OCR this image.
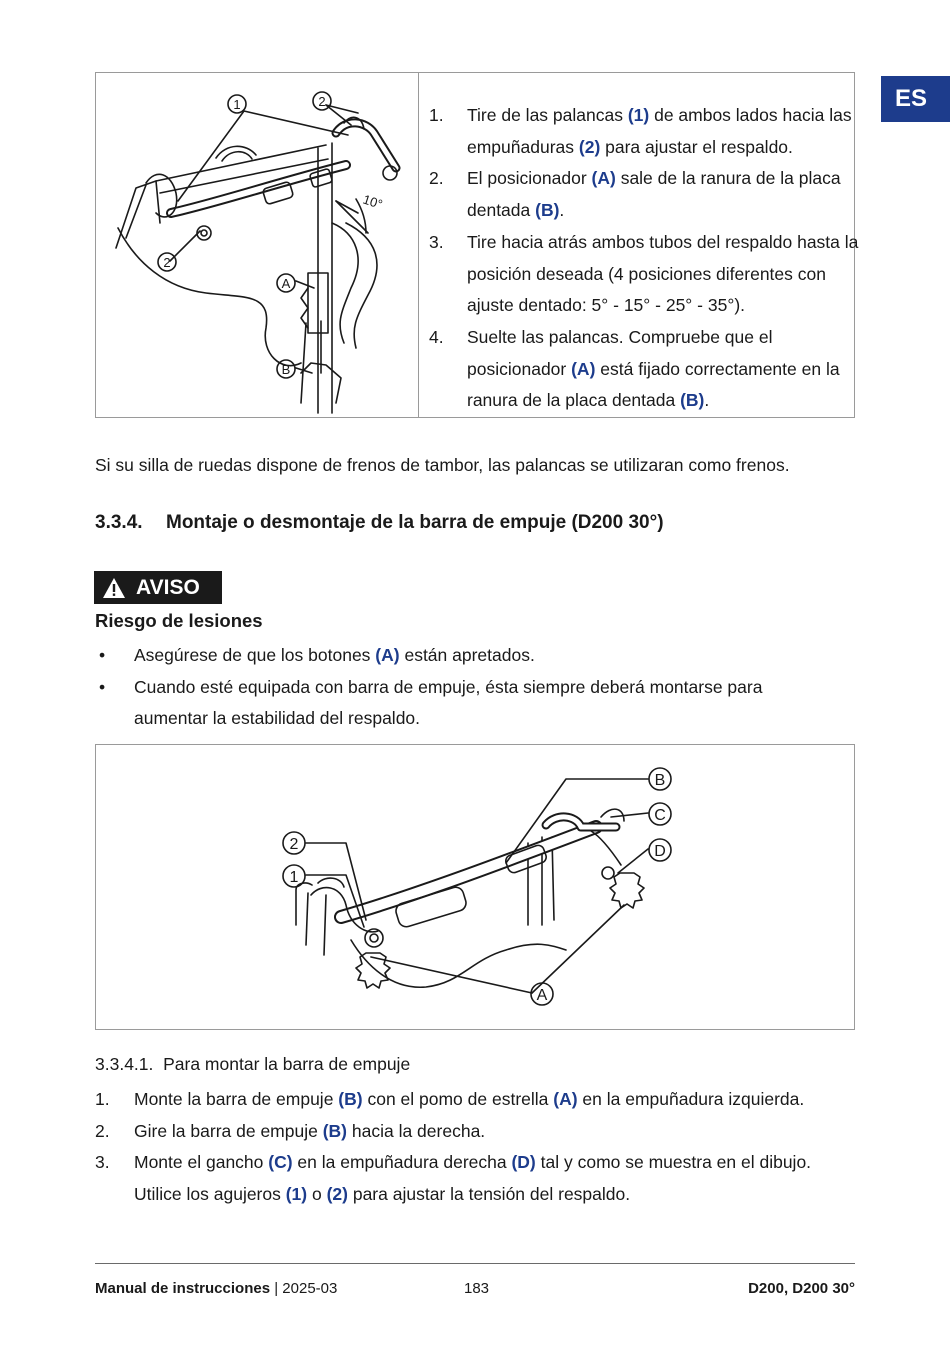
ES
1	2
2
A
B
10°
1. Tire de las palancas (1) de ambos lados hacia las empuñaduras (2) para ajustar el respaldo.
2. El posicionador (A) sale de la ranura de la placa dentada (B).
3. Tire hacia atrás ambos tubos del respaldo hasta la posición deseada (4 posiciones diferentes con ajuste dentado: 5° - 15° - 25° - 35°).
4. Suelte las palancas. Compruebe que el posicionador (A) está fijado correctamente en la ranura de la placa dentada (B).
Si su silla de ruedas dispone de frenos de tambor, las palancas se utilizaran como frenos.
3.3.4. Montaje o desmontaje de la barra de empuje (D200 30°)
AVISO
Riesgo de lesiones
• Asegúrese de que los botones (A) están apretados.
• Cuando esté equipada con barra de empuje, ésta siempre deberá montarse para aumentar la estabilidad del respaldo.
B
C
D
2
1
A
3.3.4.1.  Para montar la barra de empuje
1. Monte la barra de empuje (B) con el pomo de estrella (A) en la empuñadura izquierda.
2. Gire la barra de empuje (B) hacia la derecha.
3. Monte el gancho (C) en la empuñadura derecha (D) tal y como se muestra en el dibujo. Utilice los agujeros (1) o (2) para ajustar la tensión del respaldo.
Manual de instrucciones | 2025-03	183	D200, D200 30°
